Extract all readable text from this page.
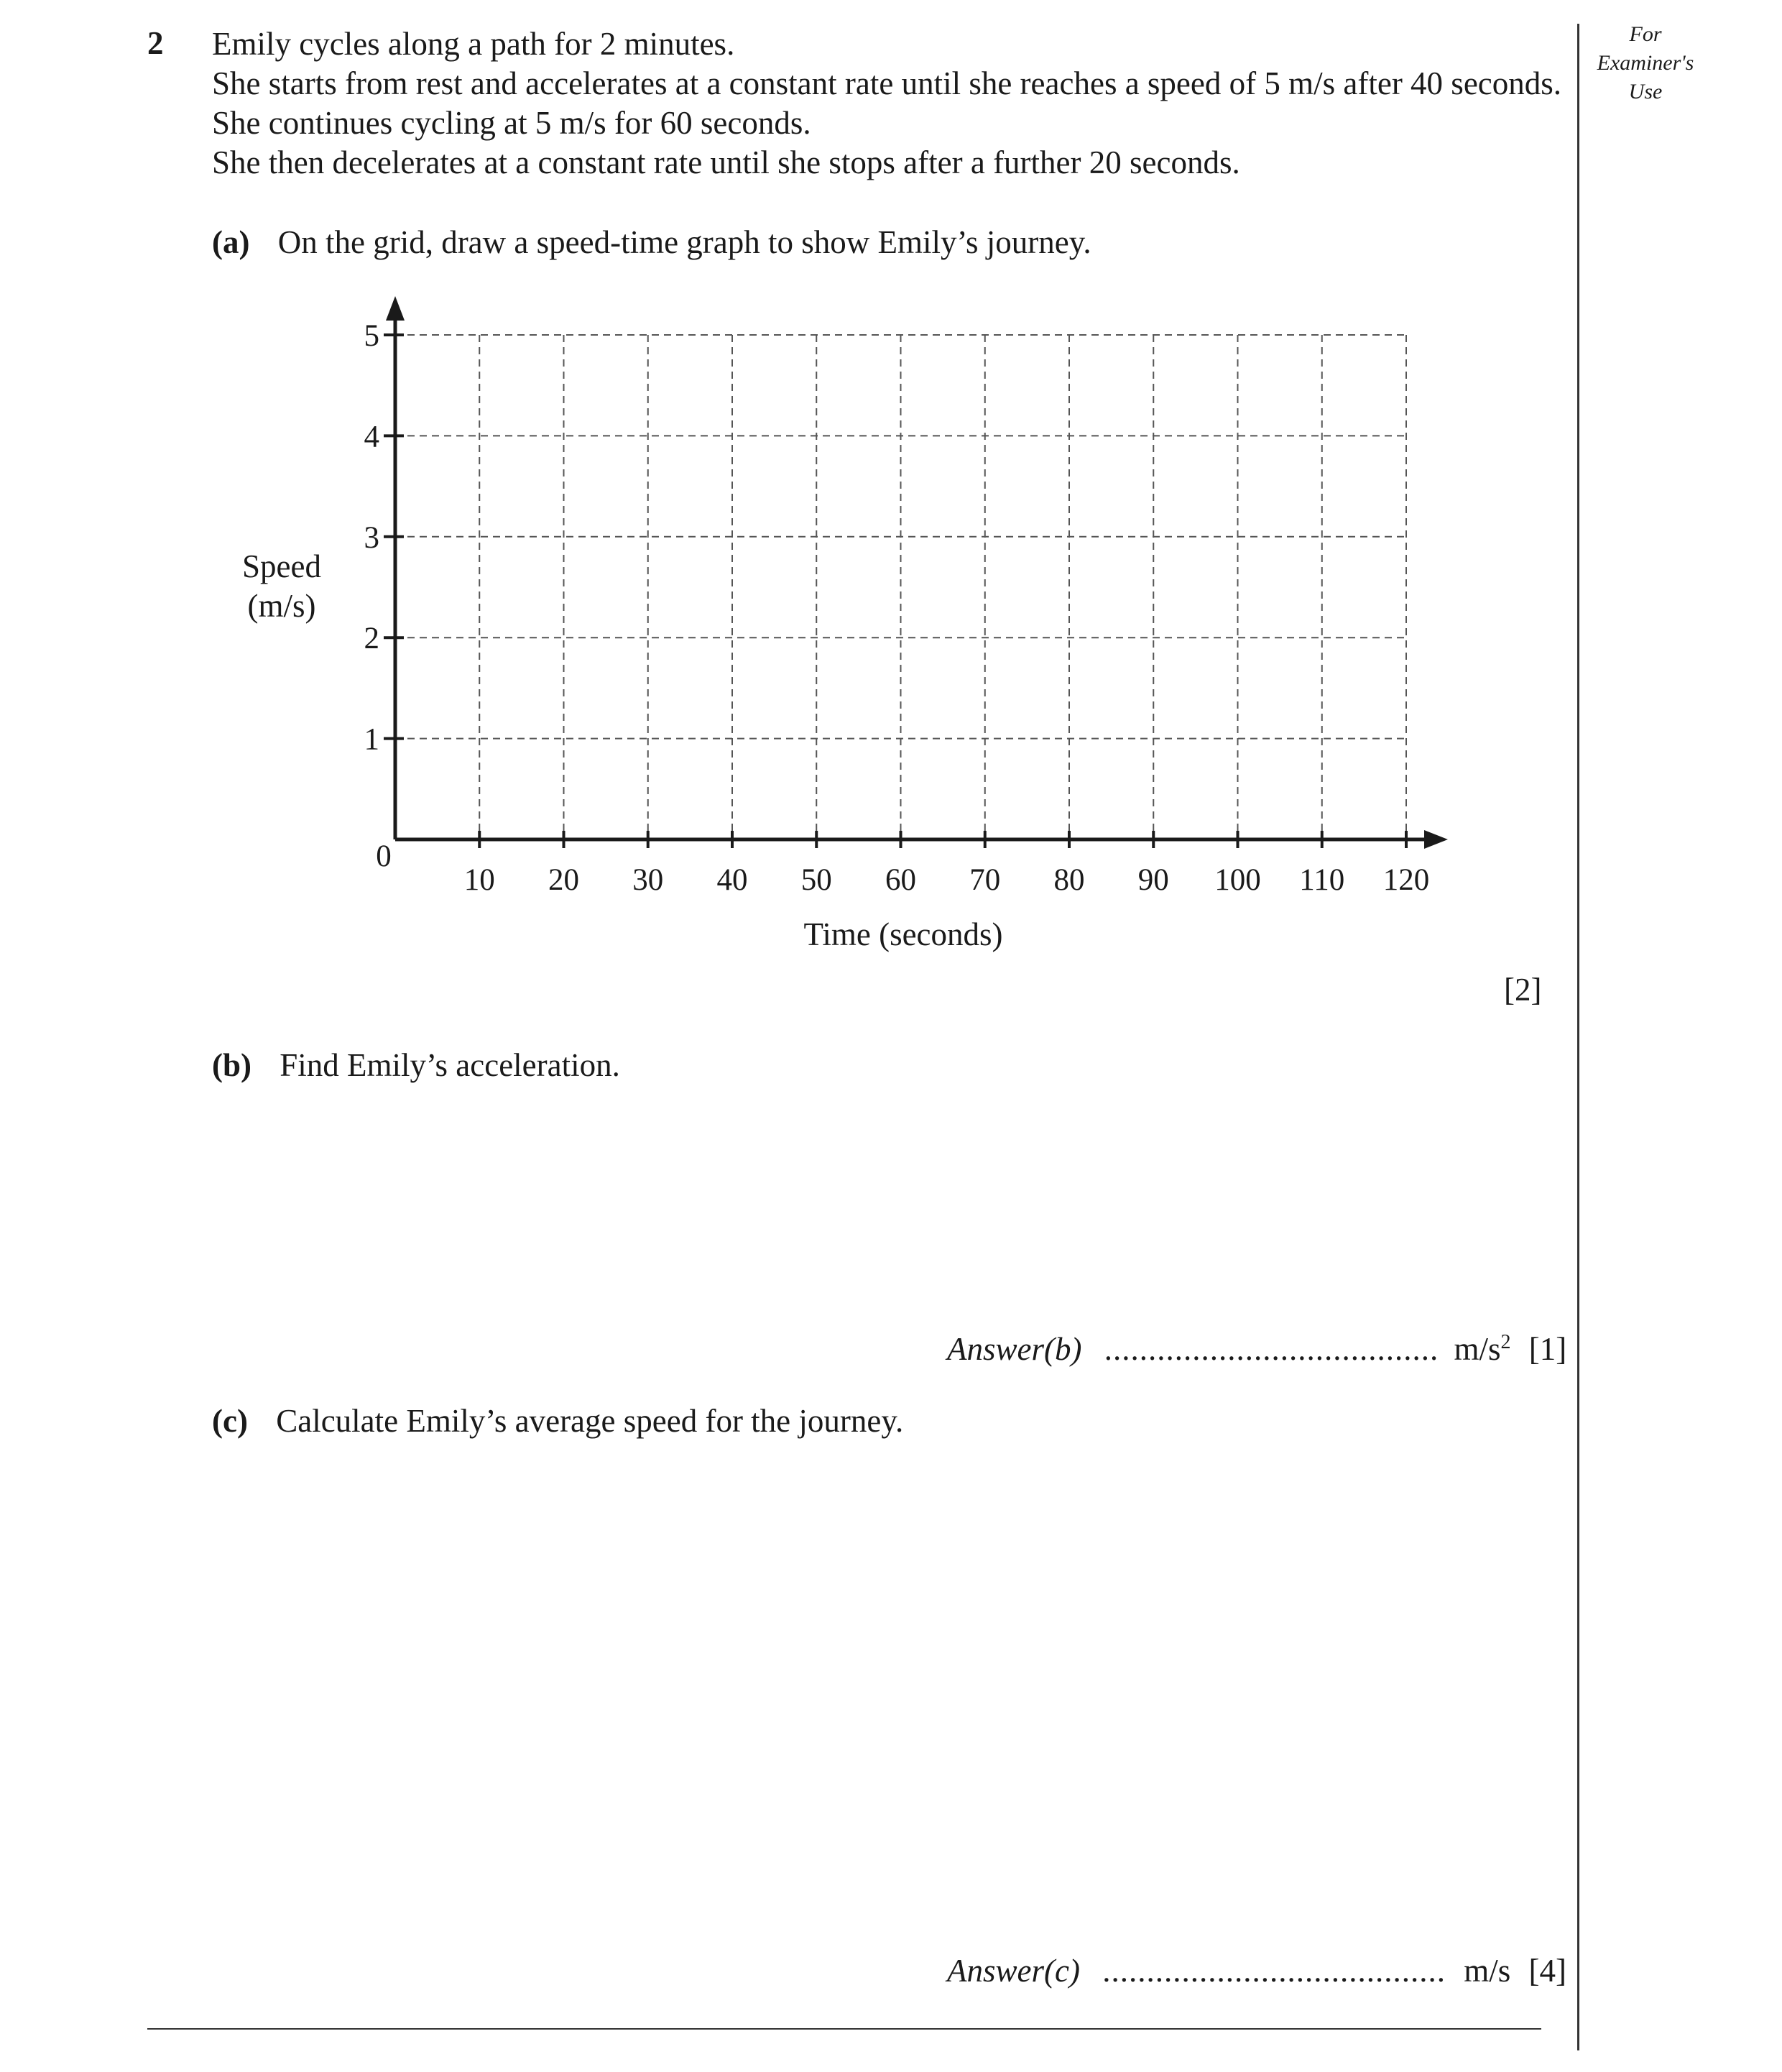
2 Emily cycles along a path for 2 minutes.
She starts from rest and accelerates at a constant rate until she reaches a speed of 5 m/s after 40 seconds.
She continues cycling at 5 m/s for 60 seconds.
She then decelerates at a constant rate until she stops after a further 20 seconds.
For
Examiner's
Use
(a) On the grid, draw a speed-time graph to show Emily’s journey.
10 20 30 40 50 60 70 80 90 100 110 120
1
2
3
4
5
0
Speed
(m/s)
Time (seconds)
[2]
(b) Find Emily’s acceleration.
Answer(b) ...................................... $m/s^2$ [1]
(c) Calculate Emily’s average speed for the journey.
Answer(c) ....................................... m/s [4]
